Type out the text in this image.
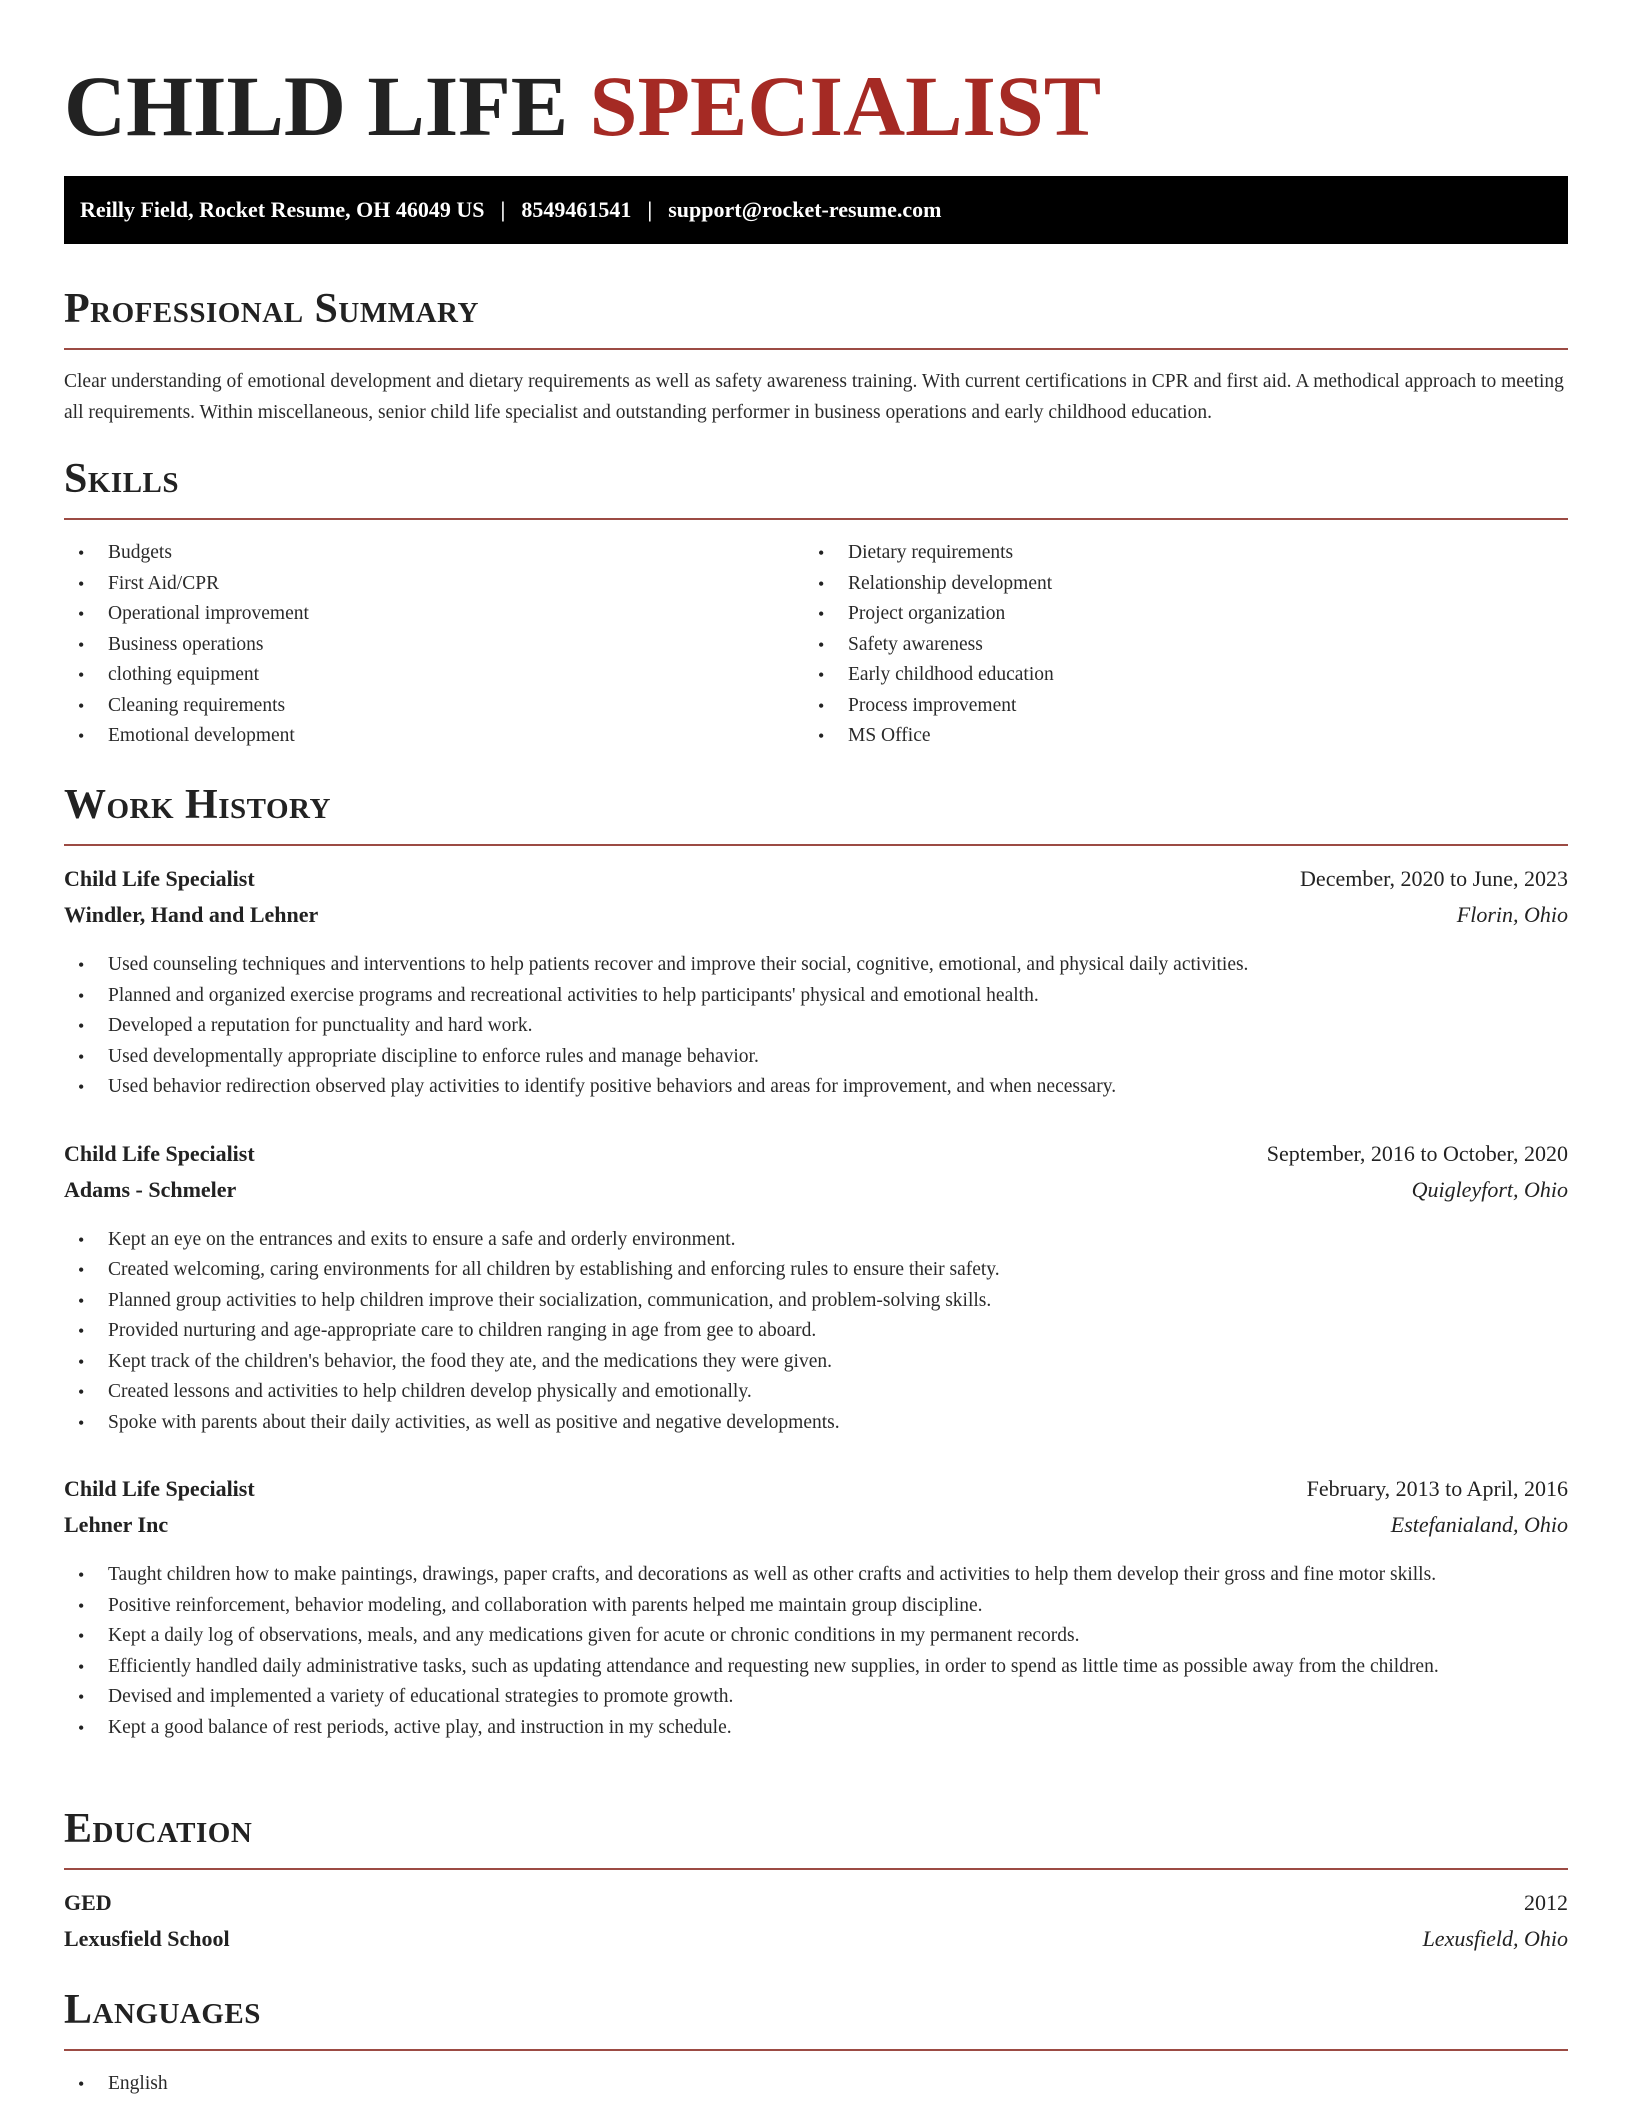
CHILD LIFE SPECIALIST
Reilly Field, Rocket Resume, OH 46049 US | 8549461541 | support@rocket-resume.com
Professional Summary

Clear understanding of emotional development and dietary requirements as well as safety awareness training. With current certifications in CPR and first aid. A methodical approach to meeting all requirements. Within miscellaneous, senior child life specialist and outstanding performer in business operations and early childhood education.

Skills
• Budgets
• First Aid/CPR
• Operational improvement
• Business operations
• clothing equipment
• Cleaning requirements
• Emotional development
• Dietary requirements
• Relationship development
• Project organization
• Safety awareness
• Early childhood education
• Process improvement
• MS Office
Work History
Child Life Specialist	December, 2020 to June, 2023
Windler, Hand and Lehner	Florin, Ohio
• Used counseling techniques and interventions to help patients recover and improve their social, cognitive, emotional, and physical daily activities.
• Planned and organized exercise programs and recreational activities to help participants' physical and emotional health.
• Developed a reputation for punctuality and hard work.
• Used developmentally appropriate discipline to enforce rules and manage behavior.
• Used behavior redirection observed play activities to identify positive behaviors and areas for improvement, and when necessary.
Child Life Specialist	September, 2016 to October, 2020
Adams - Schmeler	Quigleyfort, Ohio
• Kept an eye on the entrances and exits to ensure a safe and orderly environment.
• Created welcoming, caring environments for all children by establishing and enforcing rules to ensure their safety.
• Planned group activities to help children improve their socialization, communication, and problem-solving skills.
• Provided nurturing and age-appropriate care to children ranging in age from gee to aboard.
• Kept track of the children's behavior, the food they ate, and the medications they were given.
• Created lessons and activities to help children develop physically and emotionally.
• Spoke with parents about their daily activities, as well as positive and negative developments.
Child Life Specialist	February, 2013 to April, 2016
Lehner Inc	Estefanialand, Ohio
• Taught children how to make paintings, drawings, paper crafts, and decorations as well as other crafts and activities to help them develop their gross and fine motor skills.
• Positive reinforcement, behavior modeling, and collaboration with parents helped me maintain group discipline.
• Kept a daily log of observations, meals, and any medications given for acute or chronic conditions in my permanent records.
• Efficiently handled daily administrative tasks, such as updating attendance and requesting new supplies, in order to spend as little time as possible away from the children.
• Devised and implemented a variety of educational strategies to promote growth.
• Kept a good balance of rest periods, active play, and instruction in my schedule.
Education
GED	2012
Lexusfield School	Lexusfield, Ohio
Languages
• English
